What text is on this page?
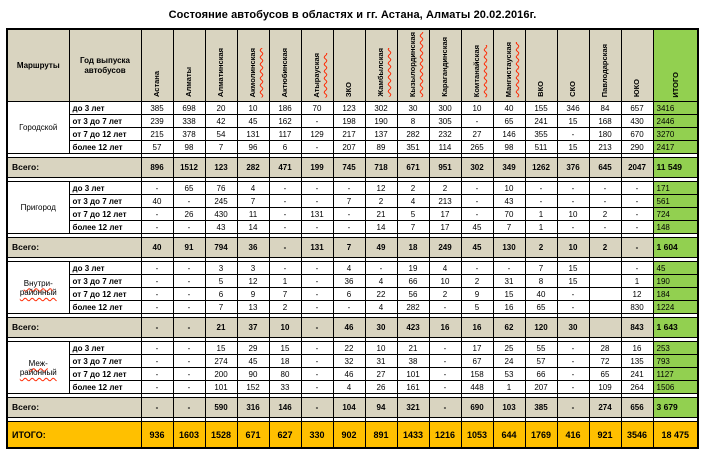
Состояние автобусов в областях и гг. Астана, Алматы 20.02.2016г.
Маршруты	Год выпуска автобусов	Астана	Алматы	Алматинская	Акмолинская	Актюбинская	Атырауская	ЗКО	Жамбылская	Кызылординская	Карагандинская	Комтанайская	Мангистауская	ВКО	СКО	Павлодарская	ЮКО	ИТОГО

Городской	до 3 лет	385	698	20	10	186	70	123	302	30	300	10	40	155	346	84	657	3416
	от 3 до 7 лет	239	338	42	45	162	-	198	190	8	305	-	65	241	15	168	430	2446
	от 7 до 12 лет	215	378	54	131	117	129	217	137	282	232	27	146	355	-	180	670	3270
	более 12 лет	57	98	7	96	6	-	207	89	351	114	265	98	511	15	213	290	2417

Всего:		896	1512	123	282	471	199	745	718	671	951	302	349	1262	376	645	2047	11 549

Пригород	до 3 лет	-	65	76	4	-	-	-	12	2	2	-	10	-	-	-	-	171
	от 3 до 7 лет	40	-	245	7	-	-	7	2	4	213	-	43	-	-	-	-	561
	от 7 до 12 лет	-	26	430	11	-	131	-	21	5	17	-	70	1	10	2	-	724
	более 12 лет	-	-	43	14	-	-	-	14	7	17	45	7	1	-	-	-	148

Всего:		40	91	794	36	-	131	7	49	18	249	45	130	2	10	2	-	1 604

Внутри-
районный	до 3 лет	-	-	3	3	-	-	4	-	19	4	-	-	7	15		-	45
	от 3 до 7 лет	-	-	5	12	1	-	36	4	66	10	2	31	8	15		1	190
	от 7 до 12 лет	-	-	6	9	7	-	6	22	56	2	9	15	40	-		12	184
	более 12 лет	-	-	7	13	2	-	-	4	282	-	5	16	65	-		830	1224

Всего:		-	-	21	37	10	-	46	30	423	16	16	62	120	30		843	1 643

Меж-
районный	до 3 лет	-	-	15	29	15	-	22	10	21	-	17	25	55	-	28	16	253
	от 3 до 7 лет	-	-	274	45	18	-	32	31	38	-	67	24	57	-	72	135	793
	от 7 до 12 лет	-	-	200	90	80	-	46	27	101	-	158	53	66	-	65	241	1127
	более 12 лет	-	-	101	152	33	-	4	26	161	-	448	1	207	-	109	264	1506

Всего:		-	-	590	316	146	-	104	94	321	-	690	103	385	-	274	656	3 679

ИТОГО:		936	1603	1528	671	627	330	902	891	1433	1216	1053	644	1769	416	921	3546	18 475
